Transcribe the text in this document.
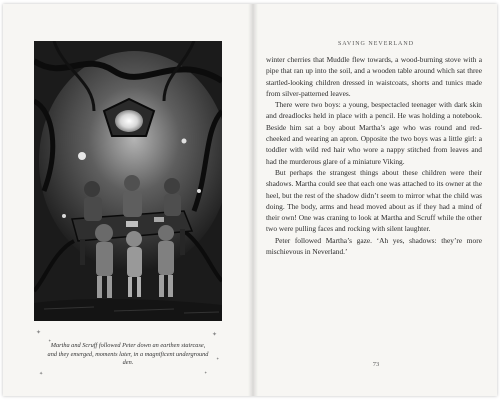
✦
✦
✦
✦
✦
✦
Martha and Scruff followed Peter down an earthen staircase, and they emerged, moments later, in a magnificent underground den.
SAVING NEVERLAND

winter cherries that Muddle flew towards, a wood-burning stove with a pipe that ran up into the soil, and a wooden table around which sat three startled-looking children dressed in waistcoats, shorts and tunics made from silver-patterned leaves.

There were two boys: a young, bespectacled teenager with dark skin and dreadlocks held in place with a pencil. He was holding a notebook. Beside him sat a boy about Martha’s age who was round and red-cheeked and wearing an apron. Opposite the two boys was a little girl: a toddler with wild red hair who wore a nappy stitched from leaves and had the murderous glare of a miniature Viking.

But perhaps the strangest things about these children were their shadows. Martha could see that each one was attached to its owner at the heel, but the rest of the shadow didn’t seem to mirror what the child was doing. The body, arms and head moved about as if they had a mind of their own! One was craning to look at Martha and Scruff while the other two were pulling faces and rocking with silent laughter.

Peter followed Martha’s gaze. ‘Ah yes, shadows: they’re more mischievous in Neverland.’

73
